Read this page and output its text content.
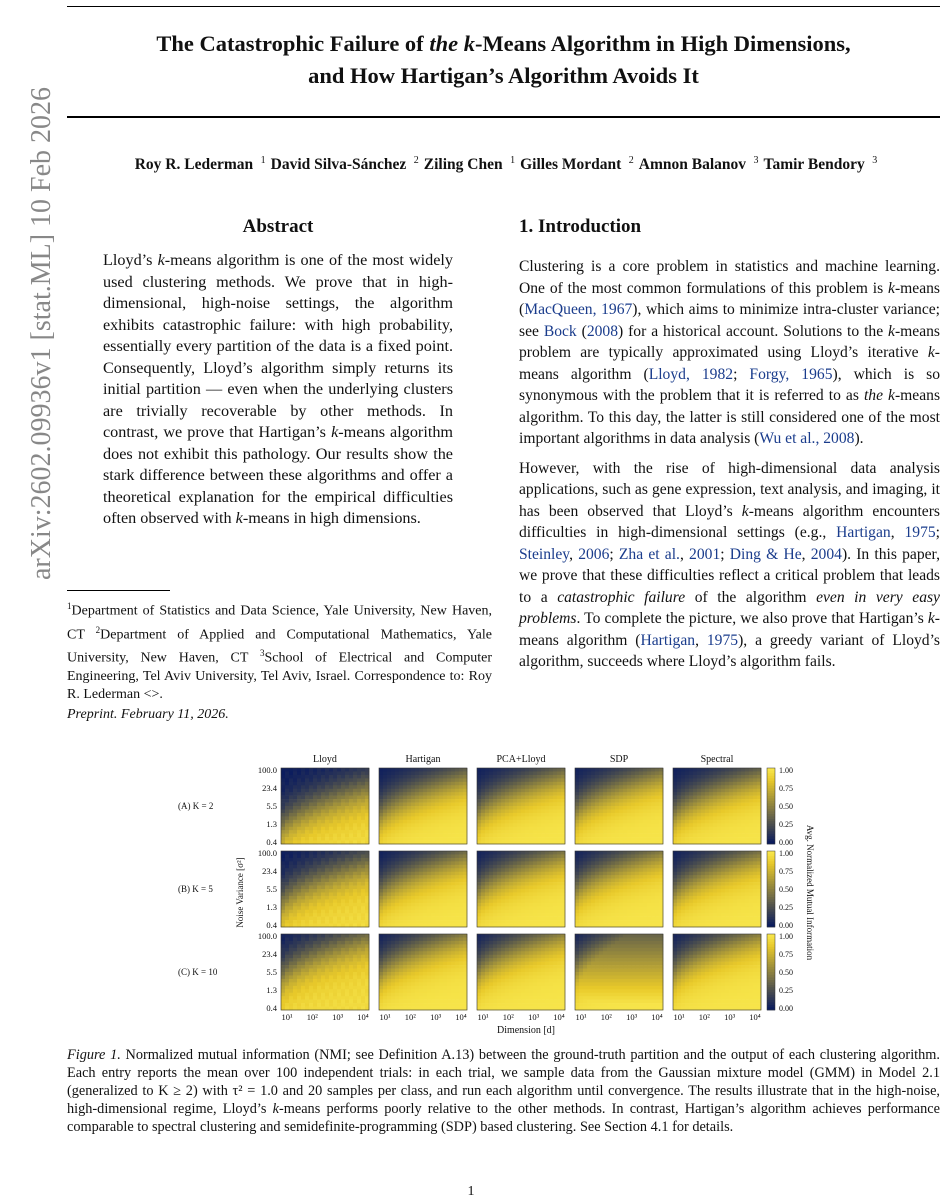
The Catastrophic Failure of the k-Means Algorithm in High Dimensions,
and How Hartigan’s Algorithm Avoids It
Roy R. Lederman $^1$ David Silva-Sánchez $^2$ Ziling Chen $^1$ Gilles Mordant $^2$ Amnon Balanov $^3$ Tamir Bendory $^3$
arXiv:2602.09936v1 [stat.ML] 10 Feb 2026	Abstract
Lloyd’s k-means algorithm is one of the most widely used clustering methods. We prove that in high-dimensional, high-noise settings, the algorithm exhibits catastrophic failure: with high probability, essentially every partition of the data is a fixed point. Consequently, Lloyd’s algorithm simply returns its initial partition — even when the underlying clusters are trivially recoverable by other methods. In contrast, we prove that Hartigan’s k-means algorithm does not exhibit this pathology. Our results show the stark difference between these algorithms and offer a theoretical explanation for the empirical difficulties often observed with k-means in high dimensions.
$^1$Department of Statistics and Data Science, Yale University, New Haven, CT $^2$Department of Applied and Computational Mathematics, Yale University, New Haven, CT $^3$School of Electrical and Computer Engineering, Tel Aviv University, Tel Aviv, Israel. Correspondence to: Roy R. Lederman <>.
Preprint. February 11, 2026.
1. Introduction

Clustering is a core problem in statistics and machine learning. One of the most common formulations of this problem is k-means (MacQueen, 1967), which aims to minimize intra-cluster variance; see Bock (2008) for a historical account. Solutions to the k-means problem are typically approximated using Lloyd’s iterative k-means algorithm (Lloyd, 1982; Forgy, 1965), which is so synonymous with the problem that it is referred to as the k-means algorithm. To this day, the latter is still considered one of the most important algorithms in data analysis (Wu et al., 2008).

However, with the rise of high-dimensional data analysis applications, such as gene expression, text analysis, and imaging, it has been observed that Lloyd’s k-means algorithm encounters difficulties in high-dimensional settings (e.g., Hartigan, 1975; Steinley, 2006; Zha et al., 2001; Ding & He, 2004). In this paper, we prove that these difficulties reflect a critical problem that leads to a catastrophic failure of the algorithm even in very easy problems. To complete the picture, we also prove that Hartigan’s k-means algorithm (Hartigan, 1975), a greedy variant of Lloyd’s algorithm, succeeds where Lloyd’s algorithm fails.

Lloyd	Hartigan	PCA+Lloyd	SDP	Spectral
(A) K = 2
100.0
23.4
5.5
1.3
0.4
1.00
0.75
0.50
0.25
0.00
(B) K = 5
100.0
23.4
5.5
1.3
0.4
1.00
0.75
0.50
0.25
0.00
(C) K = 10
100.0
23.4
5.5
1.3
0.4
10¹ 10² 10³ 10⁴ 10¹ 10² 10³ 10⁴ 10¹ 10² 10³ 10⁴ 10¹ 10² 10³ 10⁴ 10¹ 10² 10³ 10⁴
1.00
0.75
0.50
0.25
0.00
Noise Variance [σ²]
Dimension [d]
Avg. Normalized Mutual Information
Figure 1. Normalized mutual information (NMI; see Definition A.13) between the ground-truth partition and the output of each clustering algorithm. Each entry reports the mean over 100 independent trials: in each trial, we sample data from the Gaussian mixture model (GMM) in Model 2.1 (generalized to K ≥ 2) with τ² = 1.0 and 20 samples per class, and run each algorithm until convergence. The results illustrate that in the high-noise, high-dimensional regime, Lloyd’s k-means performs poorly relative to the other methods. In contrast, Hartigan’s algorithm achieves performance comparable to spectral clustering and semidefinite-programming (SDP) based clustering. See Section 4.1 for details.
1
